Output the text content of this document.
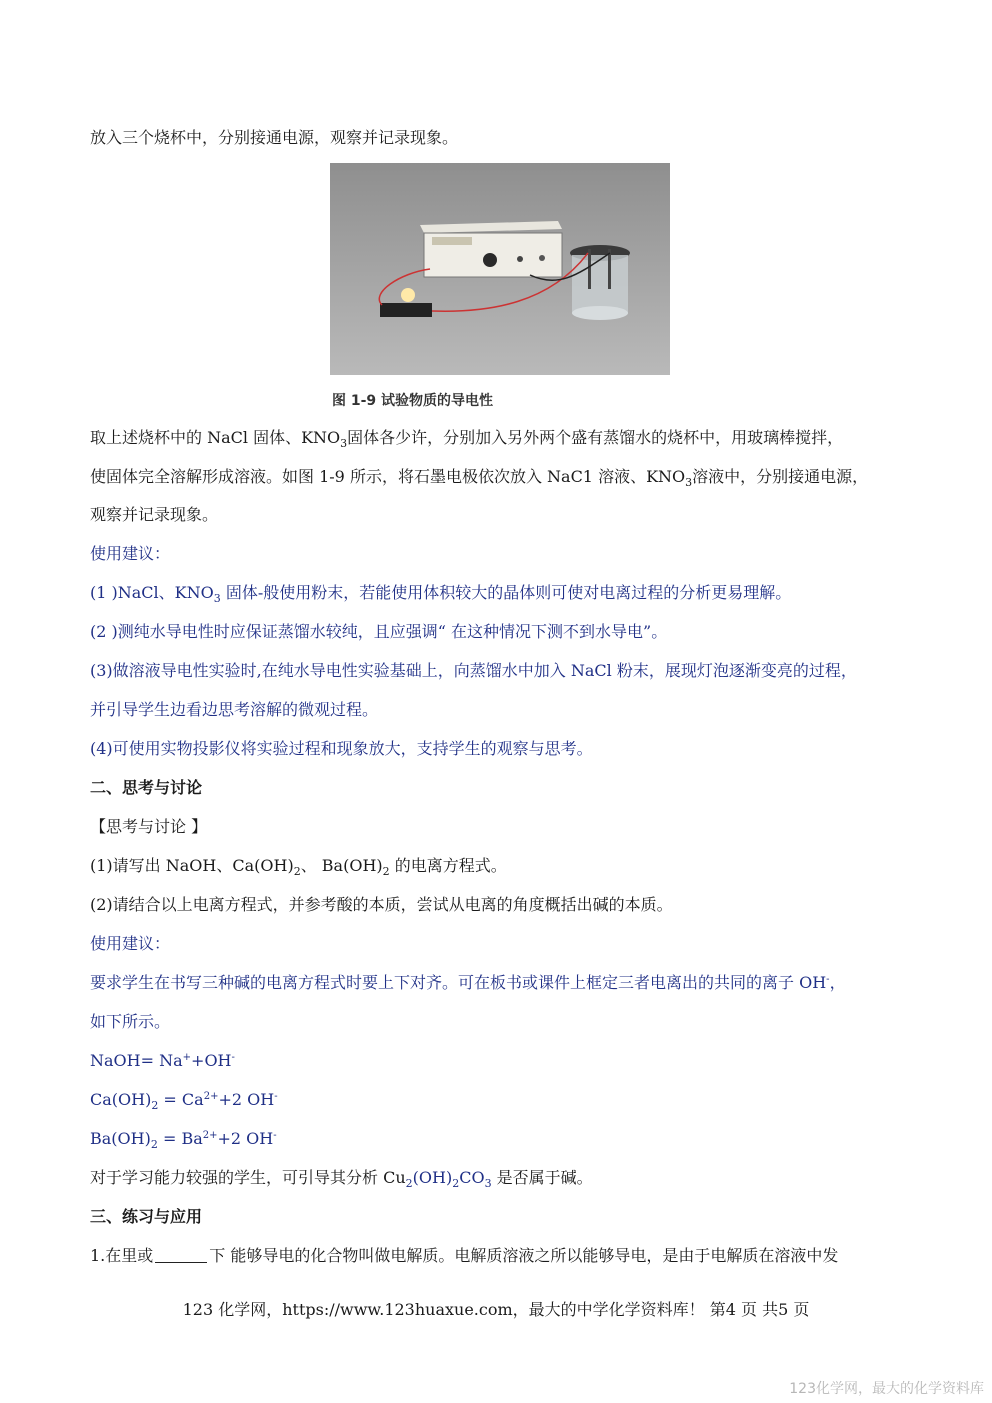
放入三个烧杯中，分别接通电源，观察并记录现象。
图 1-9 试验物质的导电性
取上述烧杯中的 NaCl 固体、$KNO_3$固体各少许，分别加入另外两个盛有蒸馏水的烧杯中，用玻璃棒搅拌，
使固体完全溶解形成溶液。如图 1-9 所示，将石墨电极依次放入 NaC1 溶液、$KNO_3$溶液中，分别接通电源，
观察并记录现象。
使用建议：
(1 )NaCl、$KNO_3$ 固体-般使用粉末，若能使用体积较大的晶体则可使对电离过程的分析更易理解。
(2 )测纯水导电性时应保证蒸馏水较纯，且应强调“ 在这种情况下测不到水导电”。
(3)做溶液导电性实验时,在纯水导电性实验基础上，向蒸馏水中加入 NaCl 粉末，展现灯泡逐渐变亮的过程，
并引导学生边看边思考溶解的微观过程。
(4)可使用实物投影仪将实验过程和现象放大，支持学生的观察与思考。
二、思考与讨论
【思考与讨论 】
(1)请写出 NaOH、$Ca(OH)_2$、 $Ba(OH)_2$ 的电离方程式。
(2)请结合以上电离方程式，并参考酸的本质，尝试从电离的角度概括出碱的本质。
使用建议：
要求学生在书写三种碱的电离方程式时要上下对齐。可在板书或课件上框定三者电离出的共同的离子 OH-，
如下所示。
NaOH= Na++OH-
$Ca(OH)_2 = Ca^{2+}+2$ OH-
$Ba(OH)_2 = Ba^{2+}+2$ OH-
对于学习能力较强的学生，可引导其分析 $Cu_2(OH)_2CO_3$ 是否属于碱。
三、练习与应用
1.在里或	下 能够导电的化合物叫做电解质。电解质溶液之所以能够导电，是由于电解质在溶液中发
123 化学网，https://www.123huaxue.com，最大的中学化学资料库！ 第4 页 共5 页
123化学网，最大的化学资料库
